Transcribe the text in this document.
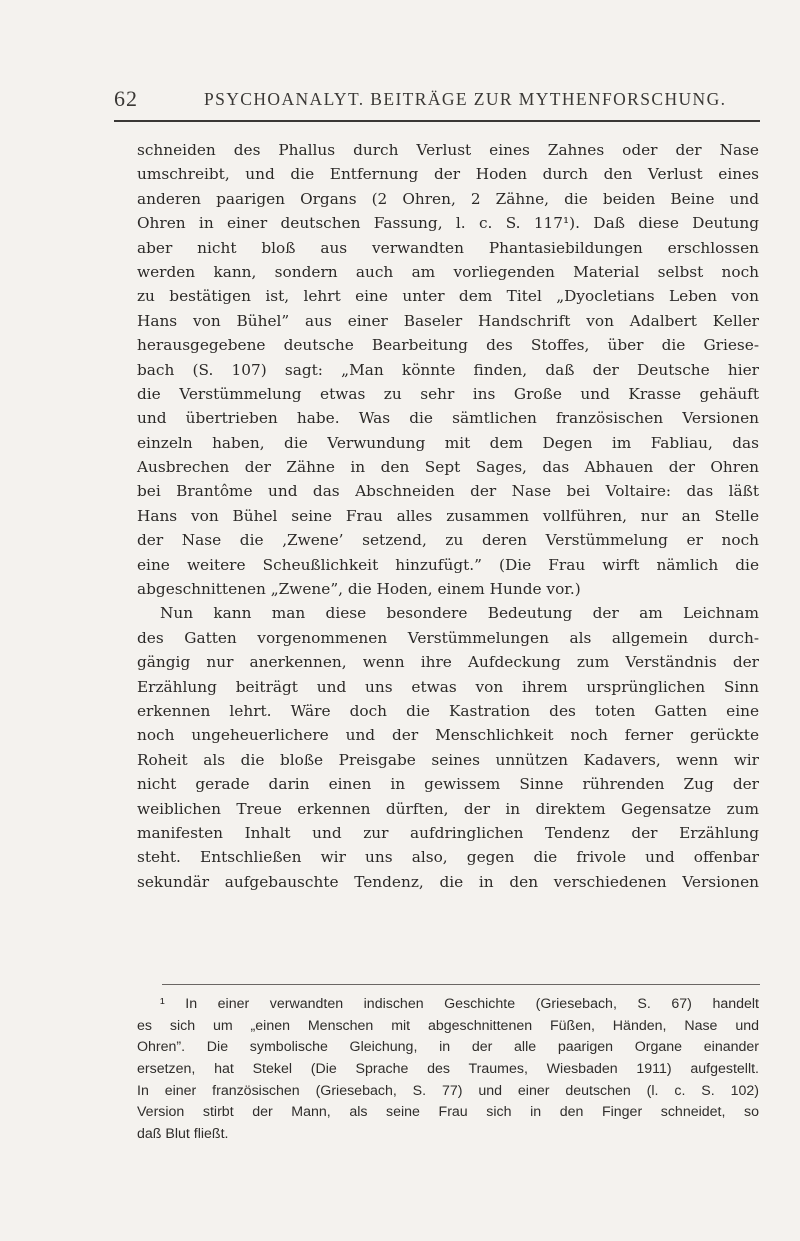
62	PSYCHOANALYT. BEITRÄGE ZUR MYTHENFORSCHUNG.
schneiden des Phallus durch Verlust eines Zahnes oder der Nase
umschreibt, und die Entfernung der Hoden durch den Verlust eines
anderen paarigen Organs (2 Ohren, 2 Zähne, die beiden Beine und
Ohren in einer deutschen Fassung, l. c. S. 117¹). Daß diese Deutung
aber nicht bloß aus verwandten Phantasiebildungen erschlossen
werden kann, sondern auch am vorliegenden Material selbst noch
zu bestätigen ist, lehrt eine unter dem Titel „Dyocletians Leben von
Hans von Bühel” aus einer Baseler Handschrift von Adalbert Keller
herausgegebene deutsche Bearbeitung des Stoffes, über die Griese-
bach (S. 107) sagt: „Man könnte finden, daß der Deutsche hier
die Verstümmelung etwas zu sehr ins Große und Krasse gehäuft
und übertrieben habe. Was die sämtlichen französischen Versionen
einzeln haben, die Verwundung mit dem Degen im Fabliau, das
Ausbrechen der Zähne in den Sept Sages, das Abhauen der Ohren
bei Brantôme und das Abschneiden der Nase bei Voltaire: das läßt
Hans von Bühel seine Frau alles zusammen vollführen, nur an Stelle
der Nase die ‚Zwene’ setzend, zu deren Verstümmelung er noch
eine weitere Scheußlichkeit hinzufügt.” (Die Frau wirft nämlich die
abgeschnittenen „Zwene”, die Hoden, einem Hunde vor.)
Nun kann man diese besondere Bedeutung der am Leichnam
des Gatten vorgenommenen Verstümmelungen als allgemein durch-
gängig nur anerkennen, wenn ihre Aufdeckung zum Verständnis der
Erzählung beiträgt und uns etwas von ihrem ursprünglichen Sinn
erkennen lehrt. Wäre doch die Kastration des toten Gatten eine
noch ungeheuerlichere und der Menschlichkeit noch ferner gerückte
Roheit als die bloße Preisgabe seines unnützen Kadavers, wenn wir
nicht gerade darin einen in gewissem Sinne rührenden Zug der
weiblichen Treue erkennen dürften, der in direktem Gegensatze zum
manifesten Inhalt und zur aufdringlichen Tendenz der Erzählung
steht. Entschließen wir uns also, gegen die frivole und offenbar
sekundär aufgebauschte Tendenz, die in den verschiedenen Versionen
¹ In einer verwandten indischen Geschichte (Griesebach, S. 67) handelt
es sich um „einen Menschen mit abgeschnittenen Füßen, Händen, Nase und
Ohren”. Die symbolische Gleichung, in der alle paarigen Organe einander
ersetzen, hat Stekel (Die Sprache des Traumes, Wiesbaden 1911) aufgestellt.
In einer französischen (Griesebach, S. 77) und einer deutschen (l. c. S. 102)
Version stirbt der Mann, als seine Frau sich in den Finger schneidet, so
daß Blut fließt.
